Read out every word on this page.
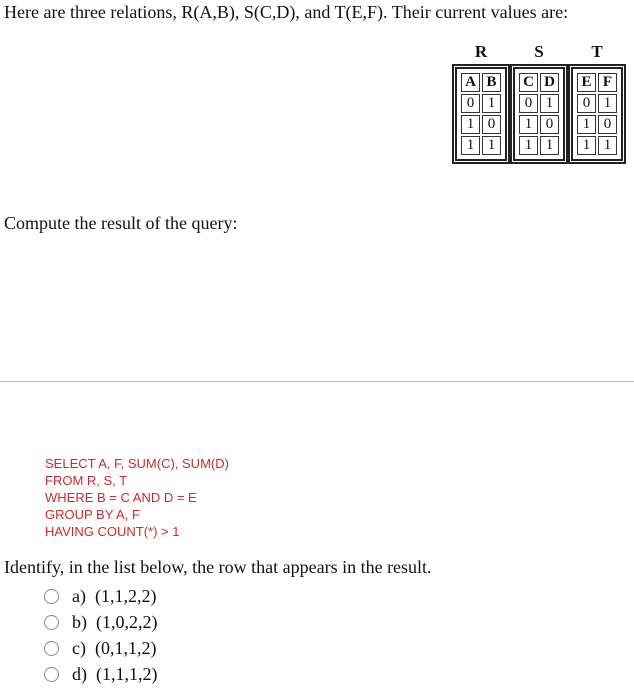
Here are three relations, R(A,B), S(C,D), and T(E,F). Their current values are:
R
A	B
0	1
1	0
1	1
S
C	D
0	1
1	0
1	1
T
E	F
0	1
1	0
1	1
Compute the result of the query:
SELECT A, F, SUM(C), SUM(D)
FROM R, S, T
WHERE B = C AND D = E
GROUP BY A, F
HAVING COUNT(*) > 1
Identify, in the list below, the row that appears in the result.
a)
(1,1,2,2)
b)
(1,0,2,2)
c)
(0,1,1,2)
d)
(1,1,1,2)
